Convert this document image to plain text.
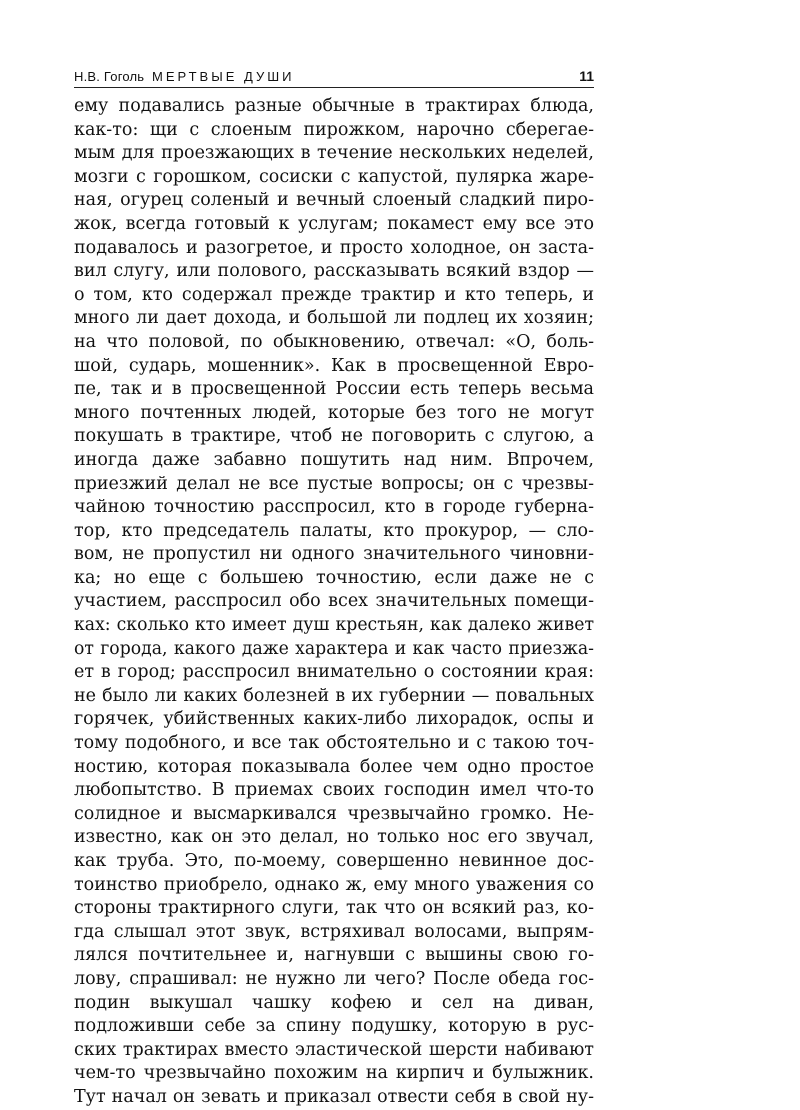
Н.В. Гоголь МЕРТВЫЕ ДУШИ	11
ему подавались разные обычные в трактирах блюда,
как-то: щи с слоеным пирожком, нарочно сберегае-
мым для проезжающих в течение нескольких неделей,
мозги с горошком, сосиски с капустой, пулярка жаре-
ная, огурец соленый и вечный слоеный сладкий пиро-
жок, всегда готовый к услугам; покамест ему все это
подавалось и разогретое, и просто холодное, он заста-
вил слугу, или полового, рассказывать всякий вздор —
о том, кто содержал прежде трактир и кто теперь, и
много ли дает дохода, и большой ли подлец их хозяин;
на что половой, по обыкновению, отвечал: «О, боль-
шой, сударь, мошенник». Как в просвещенной Евро-
пе, так и в просвещенной России есть теперь весьма
много почтенных людей, которые без того не могут
покушать в трактире, чтоб не поговорить с слугою, а
иногда даже забавно пошутить над ним. Впрочем,
приезжий делал не все пустые вопросы; он с чрезвы-
чайною точностию расспросил, кто в городе губерна-
тор, кто председатель палаты, кто прокурор, — сло-
вом, не пропустил ни одного значительного чиновни-
ка; но еще с большею точностию, если даже не с
участием, расспросил обо всех значительных помещи-
ках: сколько кто имеет душ крестьян, как далеко живет
от города, какого даже характера и как часто приезжа-
ет в город; расспросил внимательно о состоянии края:
не было ли каких болезней в их губернии — повальных
горячек, убийственных каких-либо лихорадок, оспы и
тому подобного, и все так обстоятельно и с такою точ-
ностию, которая показывала более чем одно простое
любопытство. В приемах своих господин имел что-то
солидное и высмаркивался чрезвычайно громко. Не-
известно, как он это делал, но только нос его звучал,
как труба. Это, по-моему, совершенно невинное дос-
тоинство приобрело, однако ж, ему много уважения со
стороны трактирного слуги, так что он всякий раз, ко-
гда слышал этот звук, встряхивал волосами, выпрям-
лялся почтительнее и, нагнувши с вышины свою го-
лову, спрашивал: не нужно ли чего? После обеда гос-
подин выкушал чашку кофею и сел на диван,
подложивши себе за спину подушку, которую в рус-
ских трактирах вместо эластической шерсти набивают
чем-то чрезвычайно похожим на кирпич и булыжник.
Тут начал он зевать и приказал отвести себя в свой ну-
